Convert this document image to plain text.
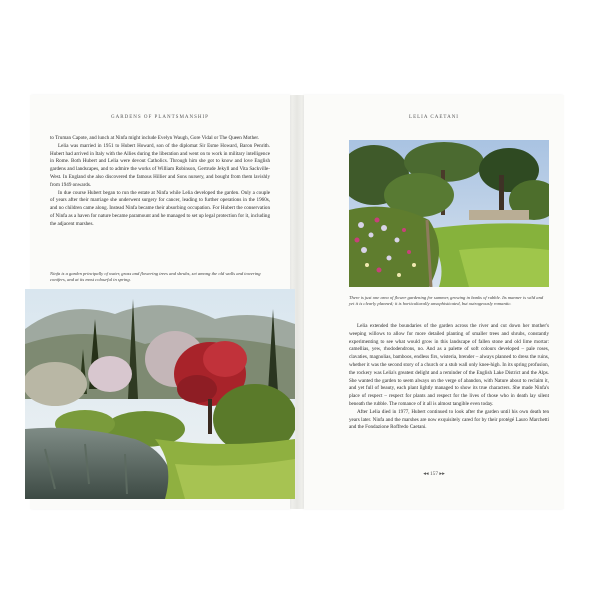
GARDENS OF PLANTSMANSHIP

to Truman Capote, and lunch at Ninfa might include Evelyn Waugh, Gore Vidal or The Queen Mother.

Lelia was married in 1951 to Hubert Howard, son of the diplomat Sir Esme Howard, Baron Penrith. Hubert had arrived in Italy with the Allies during the liberation and went on to work in military intelligence in Rome. Both Hubert and Lelia were devout Catholics. Through him she got to know and love English gardens and landscapes, and to admire the works of William Robinson, Gertrude Jekyll and Vita Sackville-West. In England she also discovered the famous Hillier and Sons nursery, and bought from them lavishly from 1949 onwards.

In due course Hubert began to run the estate at Ninfa while Lelia developed the garden. Only a couple of years after their marriage she underwent surgery for cancer, leading to further operations in the 1960s, and no children came along. Instead Ninfa became their absorbing occupation. For Hubert the conservation of Ninfa as a haven for nature became paramount and he managed to set up legal protection for it, including the adjacent marshes.

Ninfa is a garden principally of water, grass and flowering trees and shrubs, set among the old walls and towering conifers, and at its most colourful in spring.
LELIA CAETANI
There is just one area of flower gardening for summer, growing in banks of rubble. Its manner is wild and yet it is clearly planned; it is horticulturally unsophisticated, but outrageously romantic.

Lelia extended the boundaries of the garden across the river and cut down her mother's weeping willows to allow for more detailed planting of smaller trees and shrubs, constantly experimenting to see what would grow in this landscape of fallen stone and old lime mortar: camellias, yew, rhododendrons, no. And as a palette of soft colours developed – pale roses, clavaties, magnolias, bamboos, endless firs, wisteria, brender – always planned to dress the ruins, whether it was the second story of a church or a stub wall only knee-high. In its spring profusion, the rockery was Lelia's greatest delight and a reminder of the English Lake District and the Alps. She wanted the garden to seem always on the verge of abandon, with Nature about to reclaim it, and yet full of beauty, each plant lightly managed to show its true characters. She made Ninfa's place of respect – respect for plants and respect for the lives of those who in death lay silent beneath the rubble. The romance of it all is almost tangible even today.

After Lelia died in 1977, Hubert continued to look after the garden until his own death ten years later. Ninfa and the marshes are now exquisitely cared for by their protégé Lauro Marchetti and the Fondazione Roffredo Caetani.

◂◂ 157 ▸▸
